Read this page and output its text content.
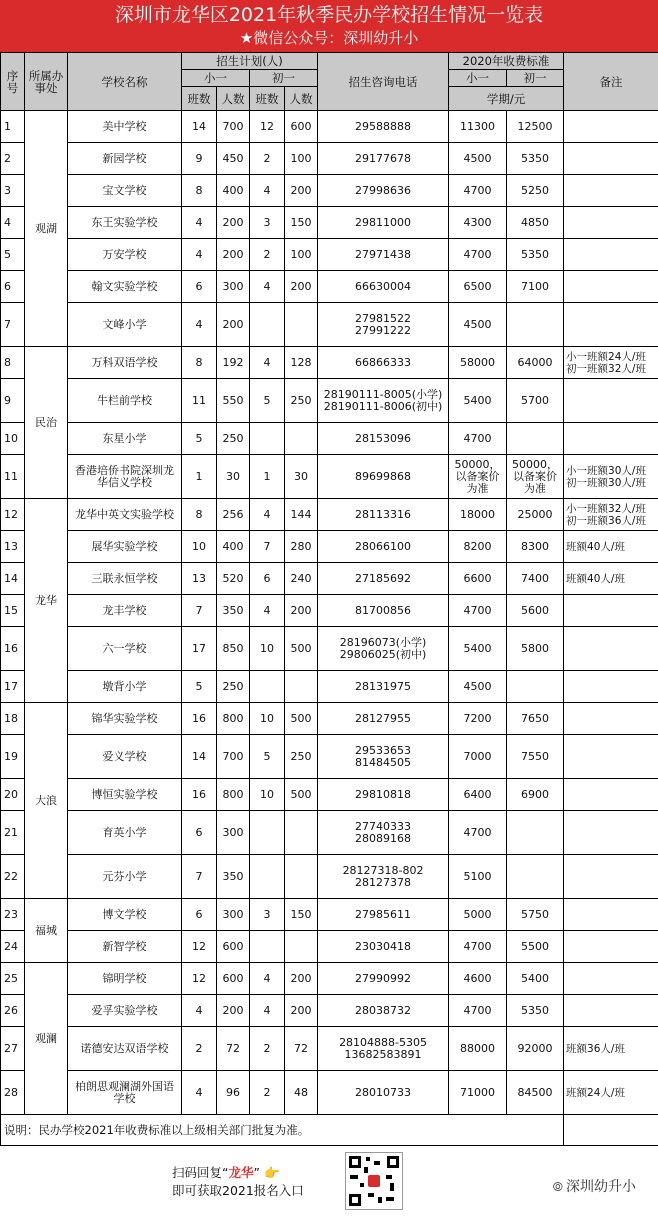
深圳市龙华区2021年秋季民办学校招生情况一览表
★微信公众号：深圳幼升小
序
号	所属办
事处	学校名称	招生计划(人)				招生咨询电话	2020年收费标准		备注
			小一		初一			小一	初一	
			班数	人数	班数	人数		学期/元		
1	观湖	美中学校	14	700	12	600	29588888	11300	12500	
2		新园学校	9	450	2	100	29177678	4500	5350	
3		宝文学校	8	400	4	200	27998636	4700	5250	
4		东王实验学校	4	200	3	150	29811000	4300	4850	
5		万安学校	4	200	2	100	27971438	4700	5350	
6		翰文实验学校	6	300	4	200	66630004	6500	7100	
7		文峰小学	4	200			27981522
27991222	4500		
8	民治	万科双语学校	8	192	4	128	66866333	58000	64000	小一班额24人/班
初一班额32人/班
9		牛栏前学校	11	550	5	250	28190111-8005(小学)
28190111-8006(初中)	5400	5700	
10		东星小学	5	250			28153096	4700		
11		香港培侨书院深圳龙华信义学校	1	30	1	30	89699868	50000，
以备案价
为准	50000，
以备案价
为准	小一班额30人/班
初一班额30人/班
12	龙华	龙华中英文实验学校	8	256	4	144	28113316	18000	25000	小一班额32人/班
初一班额36人/班
13		展华实验学校	10	400	7	280	28066100	8200	8300	班额40人/班
14		三联永恒学校	13	520	6	240	27185692	6600	7400	班额40人/班
15		龙丰学校	7	350	4	200	81700856	4700	5600	
16		六一学校	17	850	10	500	28196073(小学)
29806025(初中)	5400	5800	
17		墩背小学	5	250			28131975	4500		
18	大浪	锦华实验学校	16	800	10	500	28127955	7200	7650	
19		爱义学校	14	700	5	250	29533653
81484505	7000	7550	
20		博恒实验学校	16	800	10	500	29810818	6400	6900	
21		育英小学	6	300			27740333
28089168	4700		
22		元芬小学	7	350			28127318-802
28127378	5100		
23	福城	博文学校	6	300	3	150	27985611	5000	5750	
24		新智学校	12	600			23030418	4700	5500	
25	观澜	锦明学校	12	600	4	200	27990992	4600	5400	
26		爱孚实验学校	4	200	4	200	28038732	4700	5350	
27		诺德安达双语学校	2	72	2	72	28104888-5305
13682583891	88000	92000	班额36人/班
28		柏朗思观澜湖外国语学校	4	96	2	48	28010733	71000	84500	班额24人/班
说明：民办学校2021年收费标准以上级相关部门批复为准。										
扫码回复“龙华” 👉
即可获取2021报名入口	⦾ 深圳幼升小
